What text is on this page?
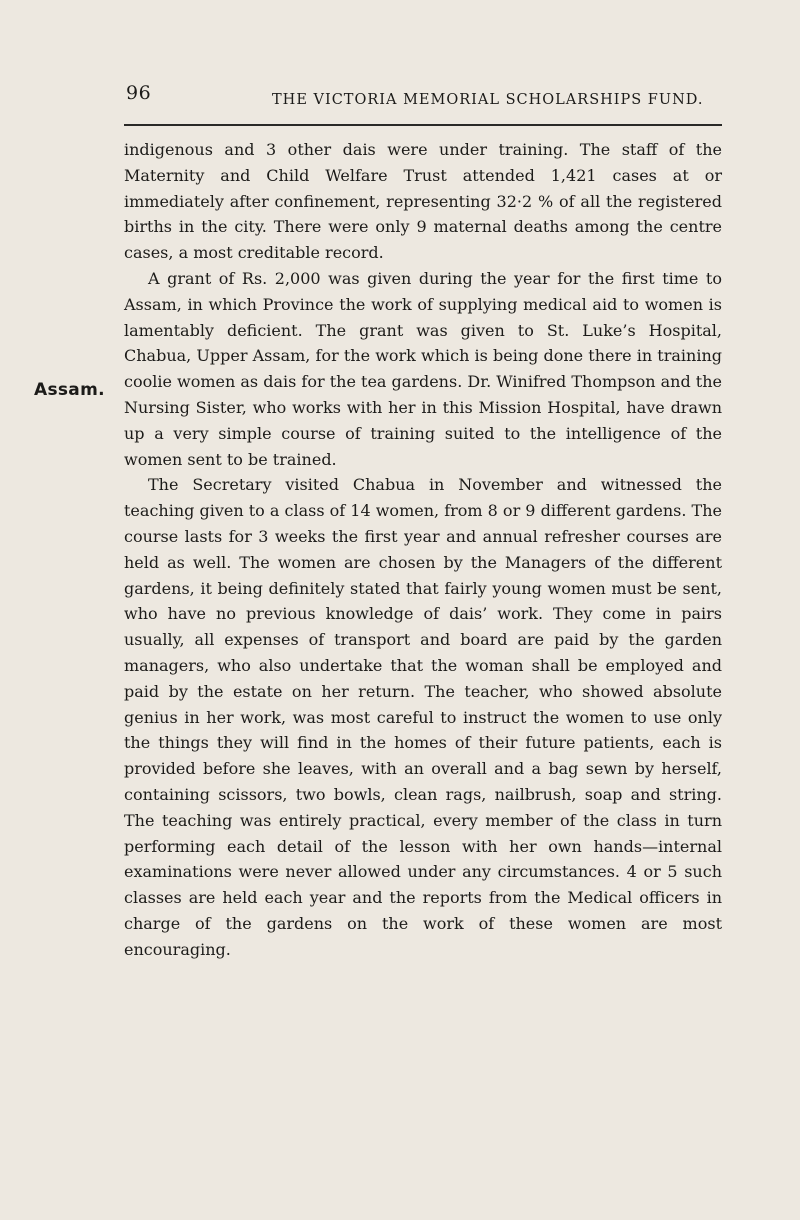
96	THE VICTORIA MEMORIAL SCHOLARSHIPS FUND.
Assam.

indigenous and 3 other dais were under training. The staff of the Maternity and Child Welfare Trust attended 1,421 cases at or immediately after confinement, representing 32·2 % of all the registered births in the city. There were only 9 maternal deaths among the centre cases, a most creditable record.

A grant of Rs. 2,000 was given during the year for the first time to Assam, in which Province the work of supplying medical aid to women is lamentably deficient. The grant was given to St. Luke’s Hospital, Chabua, Upper Assam, for the work which is being done there in training coolie women as dais for the tea gardens. Dr. Winifred Thompson and the Nursing Sister, who works with her in this Mission Hospital, have drawn up a very simple course of training suited to the intelligence of the women sent to be trained.

The Secretary visited Chabua in November and witnessed the teaching given to a class of 14 women, from 8 or 9 different gardens. The course lasts for 3 weeks the first year and annual refresher courses are held as well. The women are chosen by the Managers of the different gardens, it being definitely stated that fairly young women must be sent, who have no previous knowledge of dais’ work. They come in pairs usually, all expenses of transport and board are paid by the garden managers, who also undertake that the woman shall be employed and paid by the estate on her return. The teacher, who showed absolute genius in her work, was most careful to instruct the women to use only the things they will find in the homes of their future patients, each is provided before she leaves, with an overall and a bag sewn by herself, containing scissors, two bowls, clean rags, nailbrush, soap and string. The teaching was entirely practical, every member of the class in turn performing each detail of the lesson with her own hands—internal examinations were never allowed under any circumstances. 4 or 5 such classes are held each year and the reports from the Medical officers in charge of the gardens on the work of these women are most encouraging.
